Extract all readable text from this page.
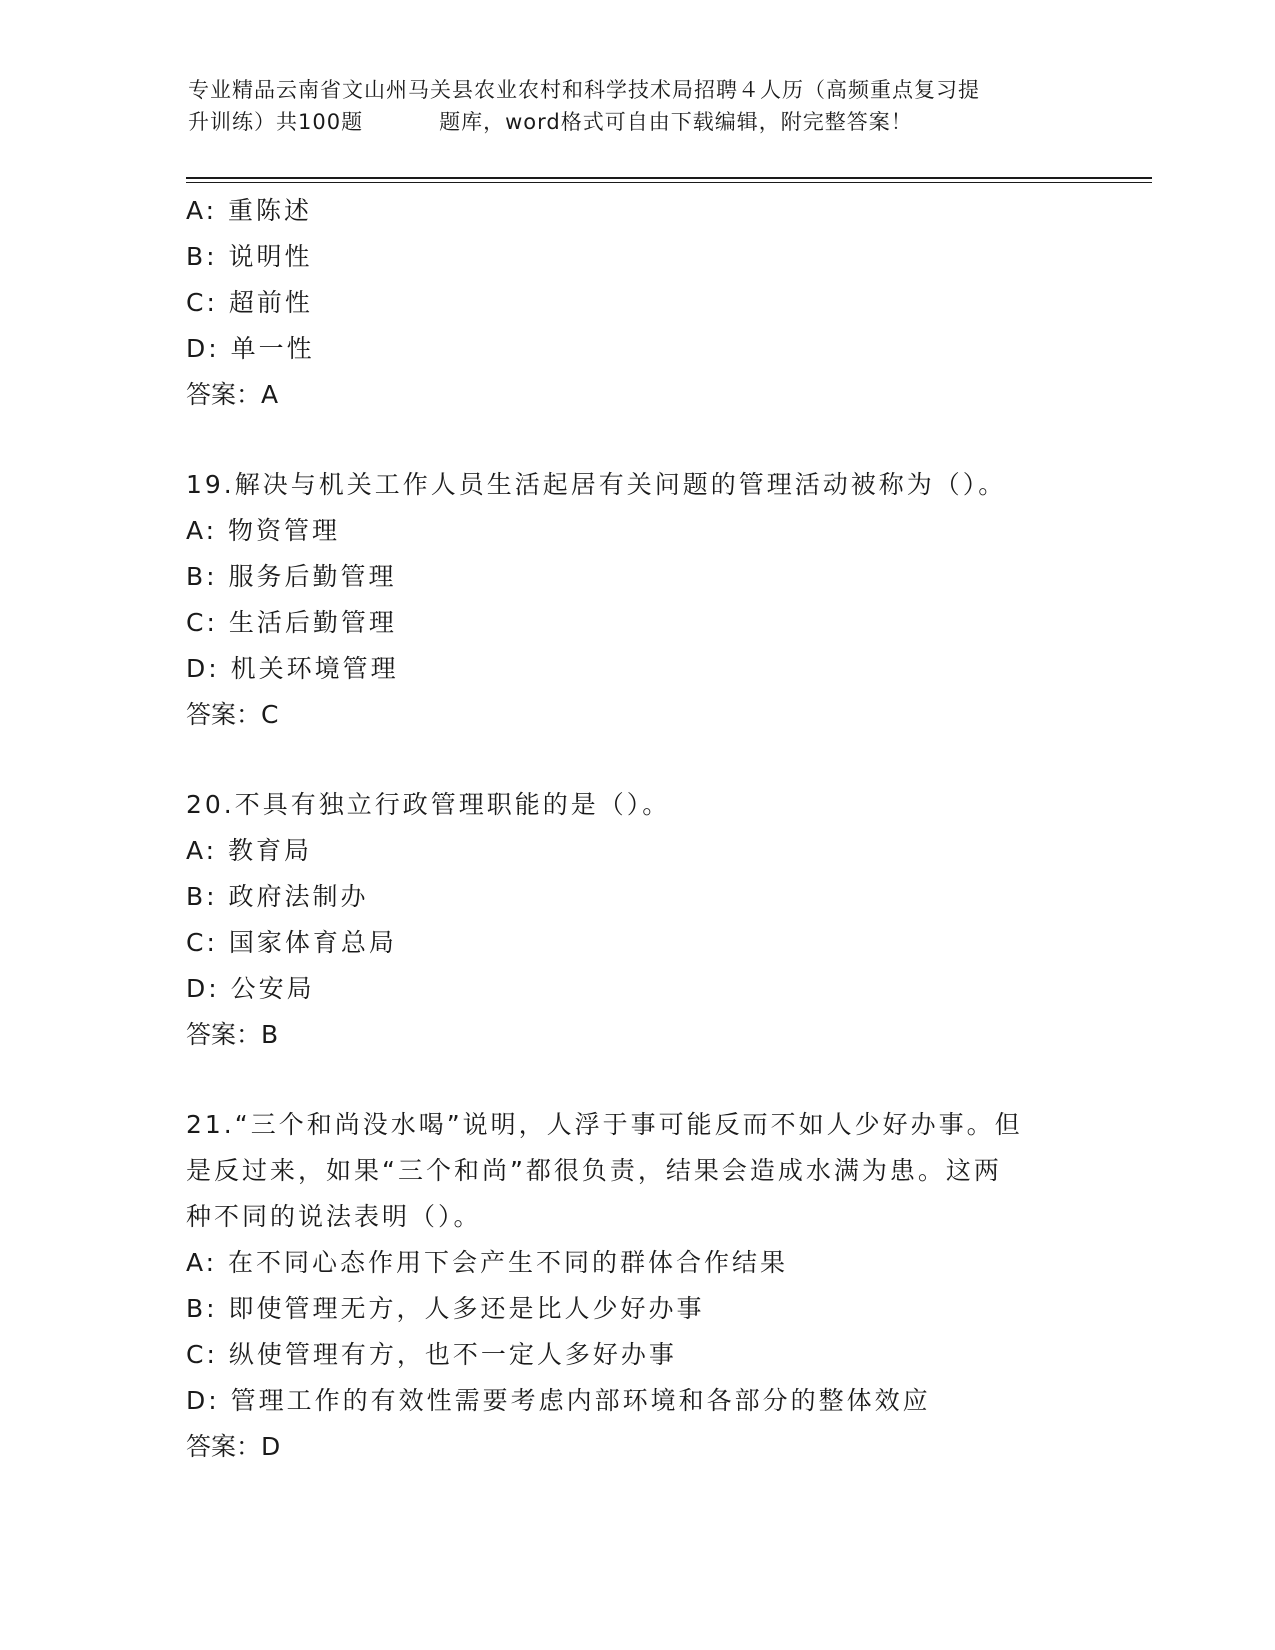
专业精品云南省文山州马关县农业农村和科学技术局招聘４人历（高频重点复习提
升训练）共100题	题库，word格式可自由下载编辑，附完整答案！
A: 重陈述
B: 说明性
C: 超前性
D: 单一性
答案：A
19.解决与机关工作人员生活起居有关问题的管理活动被称为（）。
A: 物资管理
B: 服务后勤管理
C: 生活后勤管理
D: 机关环境管理
答案：C
20.不具有独立行政管理职能的是（）。
A: 教育局
B: 政府法制办
C: 国家体育总局
D: 公安局
答案：B
21.“三个和尚没水喝”说明，人浮于事可能反而不如人少好办事。但
是反过来，如果“三个和尚”都很负责，结果会造成水满为患。这两
种不同的说法表明（）。
A: 在不同心态作用下会产生不同的群体合作结果
B: 即使管理无方，人多还是比人少好办事
C: 纵使管理有方，也不一定人多好办事
D: 管理工作的有效性需要考虑内部环境和各部分的整体效应
答案：D
